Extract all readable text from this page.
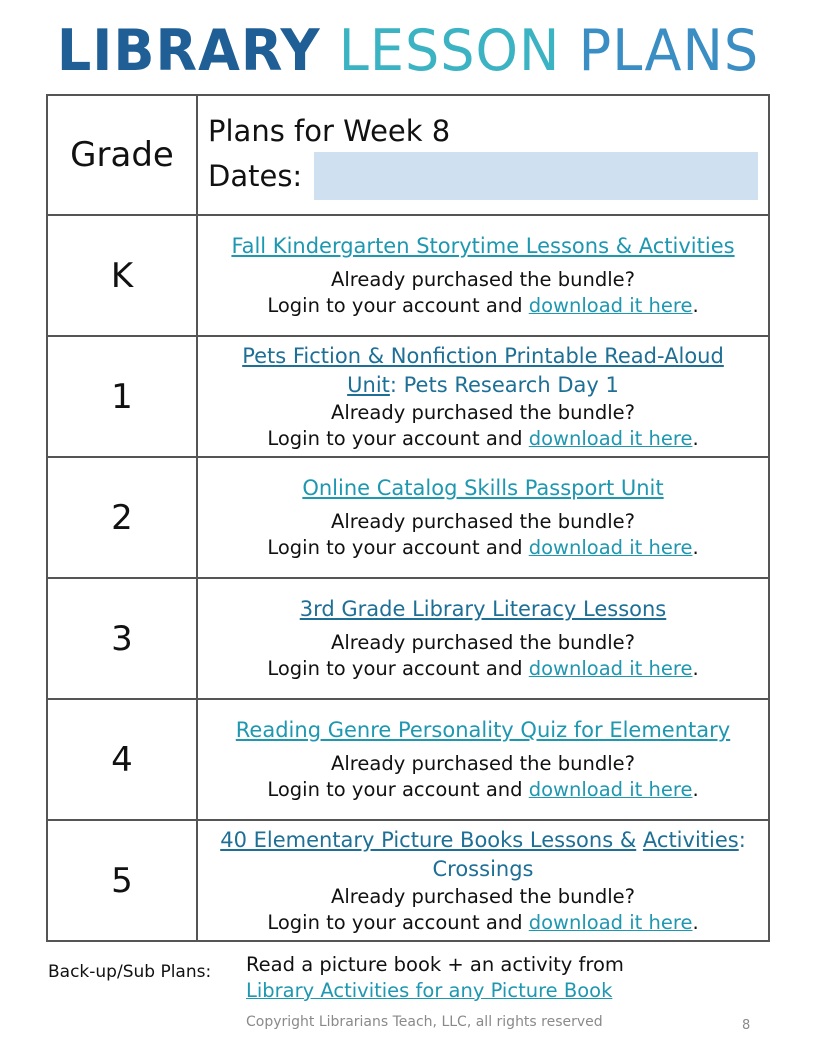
LIBRARY LESSON PLANS
Grade	Plans for Week 8
Dates:

K	Fall Kindergarten Storytime Lessons & Activities
Already purchased the bundle?
Login to your account and download it here.

1	Pets Fiction & Nonfiction Printable Read-Aloud
Unit: Pets Research Day 1
Already purchased the bundle?
Login to your account and download it here.

2	Online Catalog Skills Passport Unit
Already purchased the bundle?
Login to your account and download it here.

3	3rd Grade Library Literacy Lessons
Already purchased the bundle?
Login to your account and download it here.

4	Reading Genre Personality Quiz for Elementary
Already purchased the bundle?
Login to your account and download it here.

5	40 Elementary Picture Books Lessons & Activities:
Crossings
Already purchased the bundle?
Login to your account and download it here.
Back-up/Sub Plans: Read a picture book + an activity from
Library Activities for any Picture Book
Copyright Librarians Teach, LLC, all rights reserved	8
